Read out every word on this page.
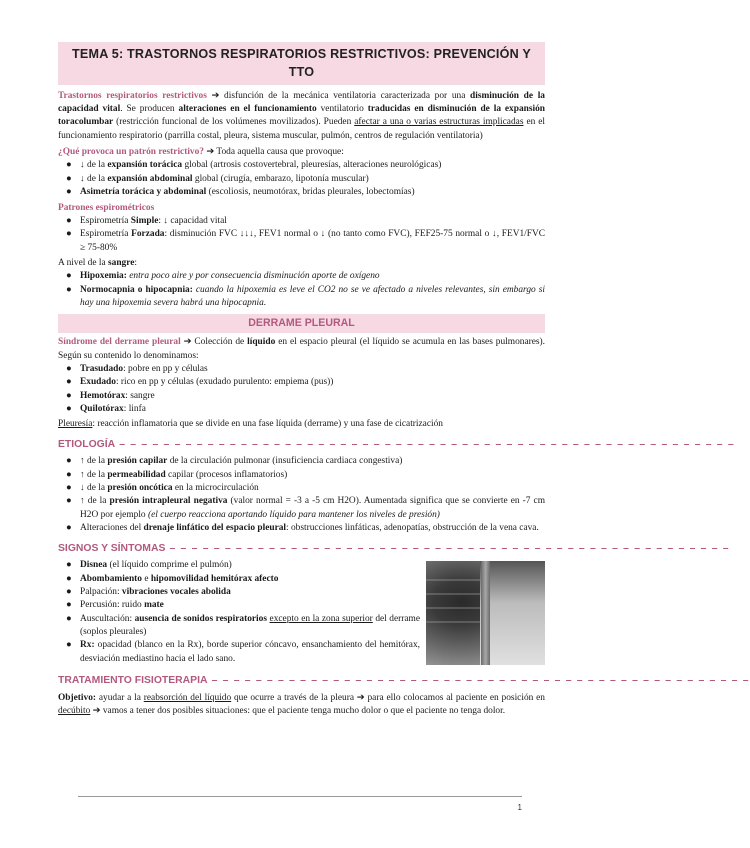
TEMA 5: TRASTORNOS RESPIRATORIOS RESTRICTIVOS: PREVENCIÓN Y TTO

Trastornos respiratorios restrictivos ➔ disfunción de la mecánica ventilatoria caracterizada por una disminución de la capacidad vital. Se producen alteraciones en el funcionamiento ventilatorio traducidas en disminución de la expansión toracolumbar (restricción funcional de los volúmenes movilizados). Pueden afectar a una o varias estructuras implicadas en el funcionamiento respiratorio (parrilla costal, pleura, sistema muscular, pulmón, centros de regulación ventilatoria)

¿Qué provoca un patrón restrictivo? ➔ Toda aquella causa que provoque:

● ↓ de la expansión torácica global (artrosis costovertebral, pleuresías, alteraciones neurológicas)
● ↓ de la expansión abdominal global (cirugía, embarazo, lipotonía muscular)
● Asimetría torácica y abdominal (escoliosis, neumotórax, bridas pleurales, lobectomías)

Patrones espirométricos

● Espirometría Simple: ↓ capacidad vital
● Espirometría Forzada: disminución FVC ↓↓↓, FEV1 normal o ↓ (no tanto como FVC), FEF25-75 normal o ↓, FEV1/FVC ≥ 75-80%

A nivel de la sangre:

● Hipoxemia: entra poco aire y por consecuencia disminución aporte de oxígeno
● Normocapnia o hipocapnia: cuando la hipoxemia es leve el CO2 no se ve afectado a niveles relevantes, sin embargo si hay una hipoxemia severa habrá una hipocapnia.
DERRAME PLEURAL

Síndrome del derrame pleural ➔ Colección de líquido en el espacio pleural (el líquido se acumula en las bases pulmonares). Según su contenido lo denominamos:

● Trasudado: pobre en pp y células
● Exudado: rico en pp y células (exudado purulento: empiema (pus))
● Hemotórax: sangre
● Quilotórax: linfa

Pleuresía: reacción inflamatoria que se divide en una fase líquida (derrame) y una fase de cicatrización

ETIOLOGÍA – – – – – – – – – – – – – – – – – – – – – – – – – – – – – – – – – – – – – – – – – – – – – – – – – – – – – – – –
● ↑ de la presión capilar de la circulación pulmonar (insuficiencia cardiaca congestiva)
● ↑ de la permeabilidad capilar (procesos inflamatorios)
● ↓ de la presión oncótica en la microcirculación
● ↑ de la presión intrapleural negativa (valor normal = -3 a -5 cm H2O). Aumentada significa que se convierte en -7 cm H2O por ejemplo (el cuerpo reacciona aportando líquido para mantener los niveles de presión)
● Alteraciones del drenaje linfático del espacio pleural: obstrucciones linfáticas, adenopatías, obstrucción de la vena cava.
SIGNOS Y SÍNTOMAS – – – – – – – – – – – – – – – – – – – – – – – – – – – – – – – – – – – – – – – – – – – – – – – – – – –
● Disnea (el líquido comprime el pulmón)
● Abombamiento e hipomovilidad hemitórax afecto
● Palpación: vibraciones vocales abolida
● Percusión: ruido mate
● Auscultación: ausencia de sonidos respiratorios excepto en la zona superior del derrame (soplos pleurales)
● Rx: opacidad (blanco en la Rx), borde superior cóncavo, ensanchamiento del hemitórax, desviación mediastino hacia el lado sano.
TRATAMIENTO FISIOTERAPIA – – – – – – – – – – – – – – – – – – – – – – – – – – – – – – – – – – – – – – – – – – – – – – – – –

Objetivo: ayudar a la reabsorción del líquido que ocurre a través de la pleura ➔ para ello colocamos al paciente en posición en decúbito ➔ vamos a tener dos posibles situaciones: que el paciente tenga mucho dolor o que el paciente no tenga dolor.

1
